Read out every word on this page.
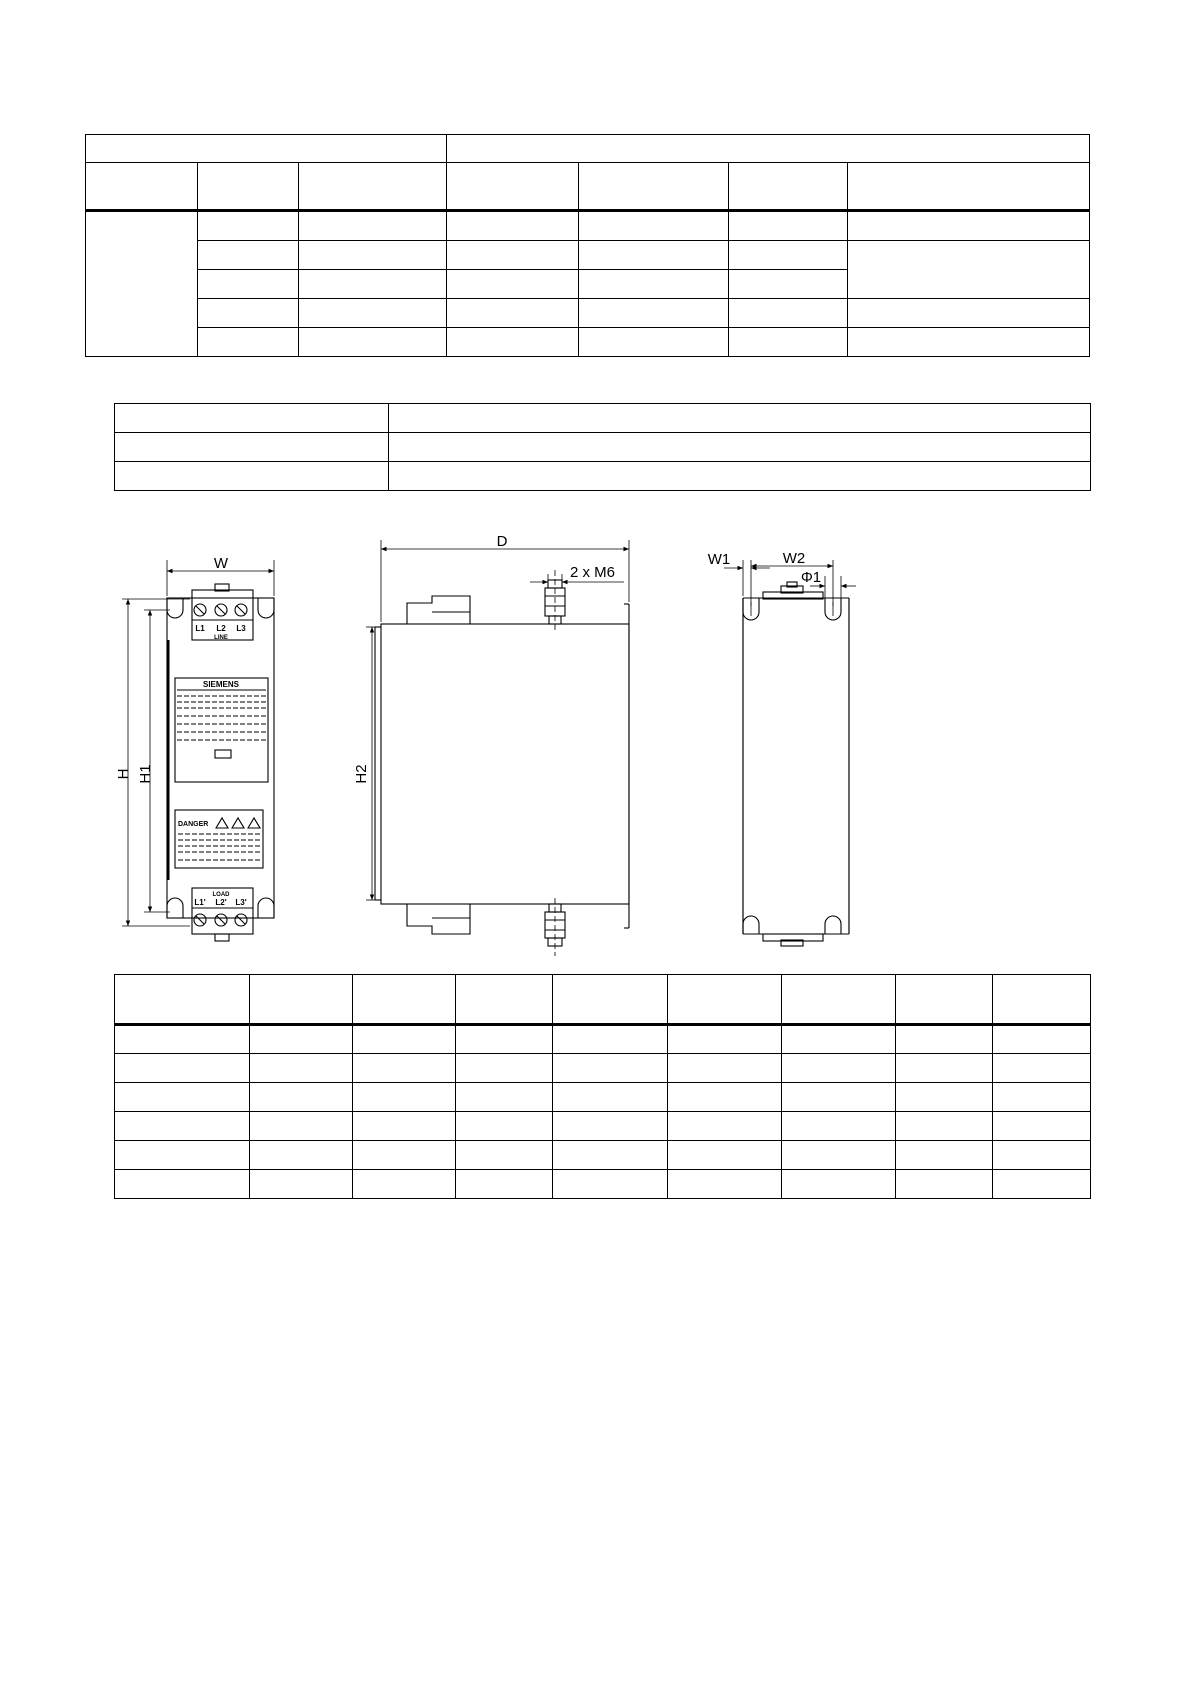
W
H H1
L1 L2 L3
LINE
SIEMENS
DANGER
LOAD
L1' L2' L3'
D
2 x M6
H2
W1	W2
Φ1
